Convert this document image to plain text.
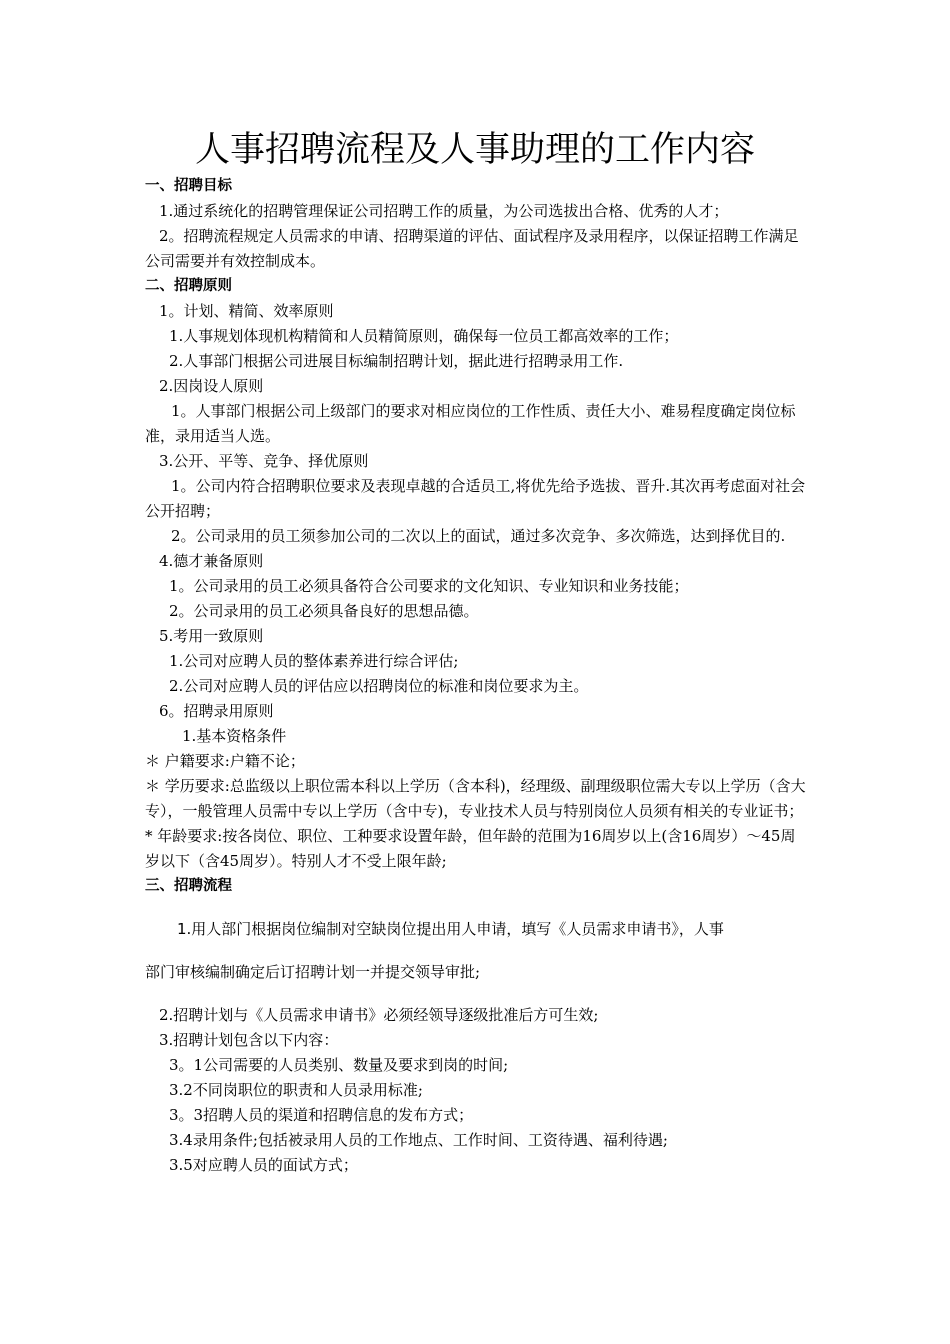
人事招聘流程及人事助理的工作内容

一、招聘目标

1.通过系统化的招聘管理保证公司招聘工作的质量，为公司选拔出合格、优秀的人才；

2。招聘流程规定人员需求的申请、招聘渠道的评估、面试程序及录用程序，以保证招聘工作满足公司需要并有效控制成本。

二、招聘原则

1。计划、精简、效率原则

1.人事规划体现机构精简和人员精简原则，确保每一位员工都高效率的工作；

2.人事部门根据公司进展目标编制招聘计划，据此进行招聘录用工作.

2.因岗设人原则

1。人事部门根据公司上级部门的要求对相应岗位的工作性质、责任大小、难易程度确定岗位标准，录用适当人选。

3.公开、平等、竞争、择优原则

1。公司内符合招聘职位要求及表现卓越的合适员工,将优先给予选拔、晋升.其次再考虑面对社会公开招聘；

2。公司录用的员工须参加公司的二次以上的面试，通过多次竞争、多次筛选，达到择优目的.

4.德才兼备原则

1。公司录用的员工必须具备符合公司要求的文化知识、专业知识和业务技能；

2。公司录用的员工必须具备良好的思想品德。

5.考用一致原则

1.公司对应聘人员的整体素养进行综合评估;

2.公司对应聘人员的评估应以招聘岗位的标准和岗位要求为主。

6。招聘录用原则

1.基本资格条件

＊ 户籍要求:户籍不论；

＊ 学历要求:总监级以上职位需本科以上学历（含本科)，经理级、副理级职位需大专以上学历（含大专），一般管理人员需中专以上学历（含中专)，专业技术人员与特别岗位人员须有相关的专业证书；

* 年龄要求:按各岗位、职位、工种要求设置年龄，但年龄的范围为16周岁以上(含16周岁）～45周岁以下（含45周岁）。特别人才不受上限年龄;

三、招聘流程

1.用人部门根据岗位编制对空缺岗位提出用人申请，填写《人员需求申请书》，人事

部门审核编制确定后订招聘计划一并提交领导审批;

2.招聘计划与《人员需求申请书》必须经领导逐级批准后方可生效;

3.招聘计划包含以下内容：

3。1公司需要的人员类别、数量及要求到岗的时间;

3.2不同岗职位的职责和人员录用标准;

3。3招聘人员的渠道和招聘信息的发布方式；

3.4录用条件;包括被录用人员的工作地点、工作时间、工资待遇、福利待遇;

3.5对应聘人员的面试方式；
